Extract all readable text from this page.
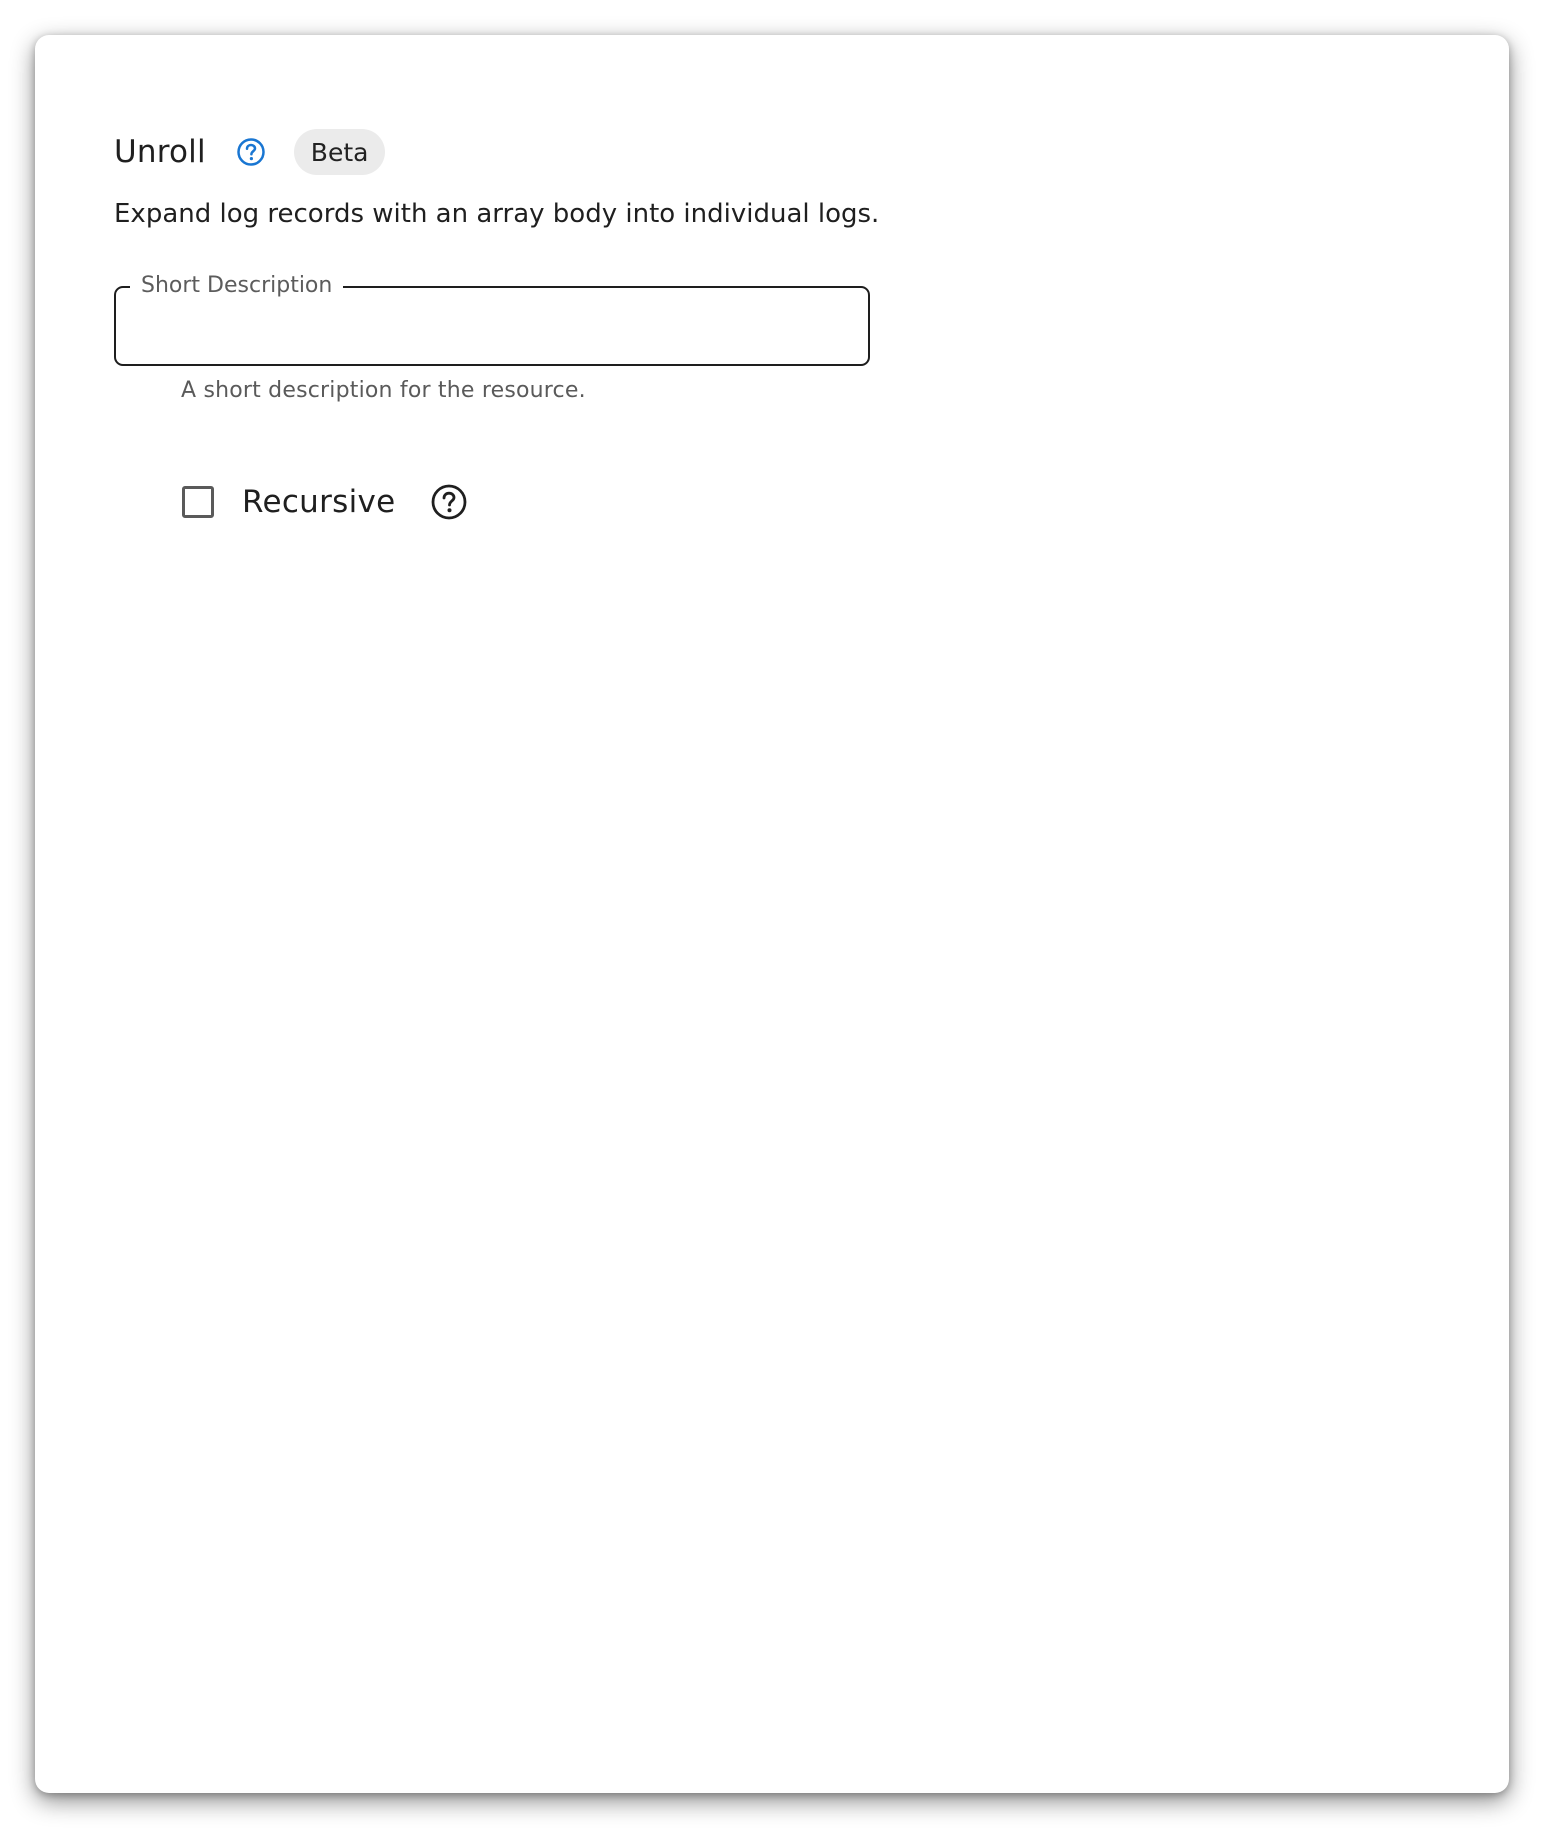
Unroll	Beta
Expand log records with an array body into individual logs.
Short Description
A short description for the resource.
Recursive
